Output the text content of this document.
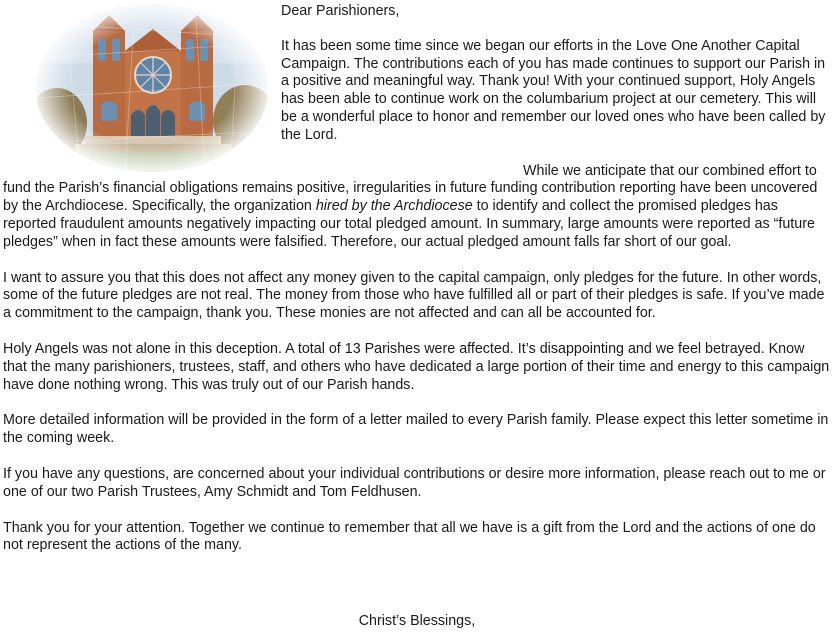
Dear Parishioners,

It has been some time since we began our efforts in the Love One Another Capital Campaign. The contributions each of you has made continues to support our Parish in a positive and meaningful way. Thank you! With your continued support, Holy Angels has been able to continue work on the columbarium project at our cemetery. This will be a wonderful place to honor and remember our loved ones who have been called by the Lord.

While we anticipate that our combined effort to fund the Parish’s financial obligations remains positive, irregularities in future funding contribution reporting have been uncovered by the Archdiocese. Specifically, the organization hired by the Archdiocese to identify and collect the promised pledges has reported fraudulent amounts negatively impacting our total pledged amount. In summary, large amounts were reported as “future pledges” when in fact these amounts were falsified. Therefore, our actual pledged amount falls far short of our goal.

I want to assure you that this does not affect any money given to the capital campaign, only pledges for the future. In other words, some of the future pledges are not real. The money from those who have fulfilled all or part of their pledges is safe. If you’ve made a commitment to the campaign, thank you. These monies are not affected and can all be accounted for.

Holy Angels was not alone in this deception. A total of 13 Parishes were affected. It’s disappointing and we feel betrayed. Know that the many parishioners, trustees, staff, and others who have dedicated a large portion of their time and energy to this campaign have done nothing wrong. This was truly out of our Parish hands.

More detailed information will be provided in the form of a letter mailed to every Parish family. Please expect this letter sometime in the coming week.

If you have any questions, are concerned about your individual contributions or desire more information, please reach out to me or one of our two Parish Trustees, Amy Schmidt and Tom Feldhusen.

Thank you for your attention. Together we continue to remember that all we have is a gift from the Lord and the actions of one do not represent the actions of the many.

Christ’s Blessings,
